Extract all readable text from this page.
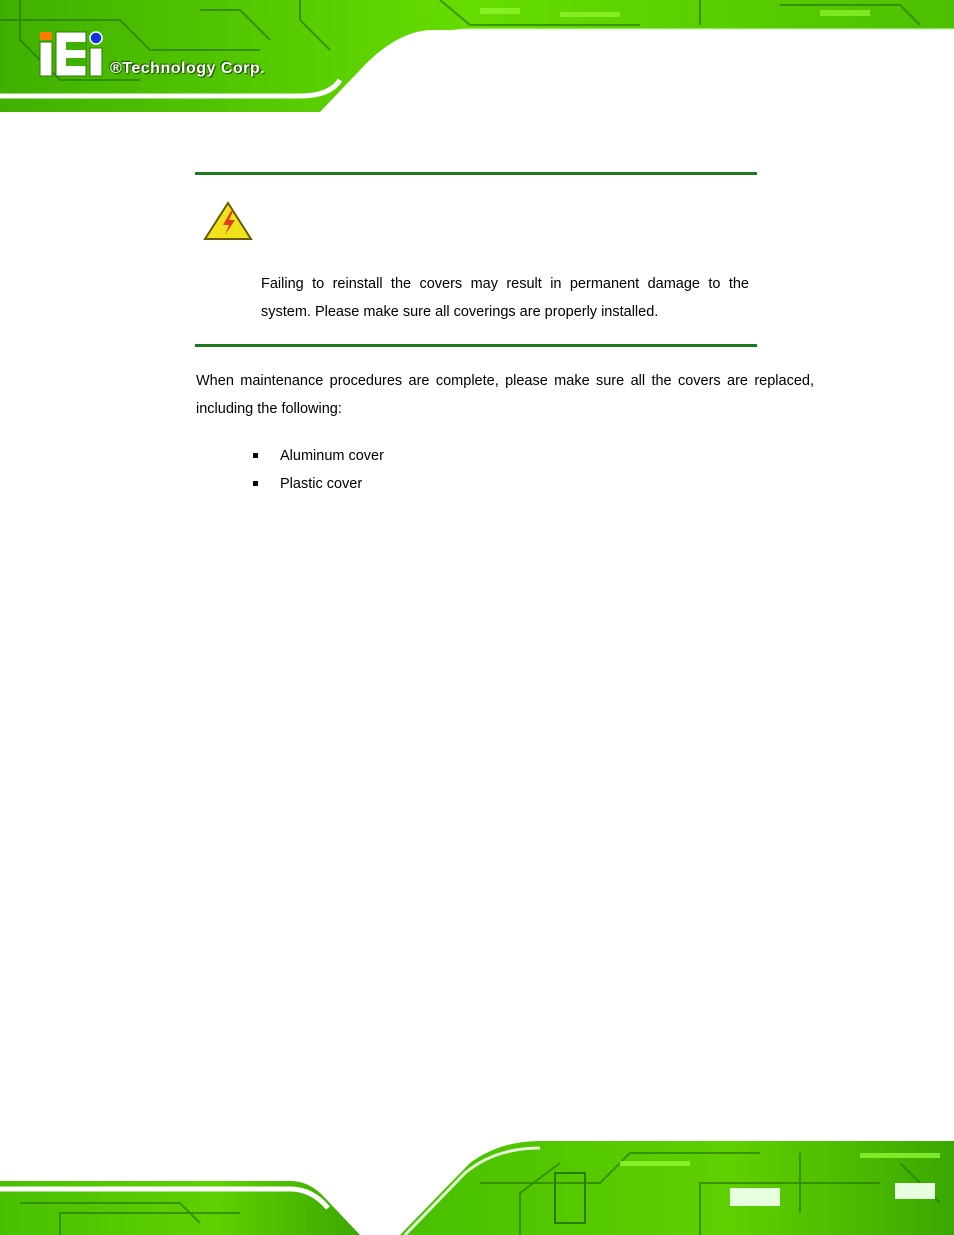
®Technology Corp.
Failing to reinstall the covers may result in permanent damage to the system. Please make sure all coverings are properly installed.
When maintenance procedures are complete, please make sure all the covers are replaced, including the following:
Aluminum cover
Plastic cover
